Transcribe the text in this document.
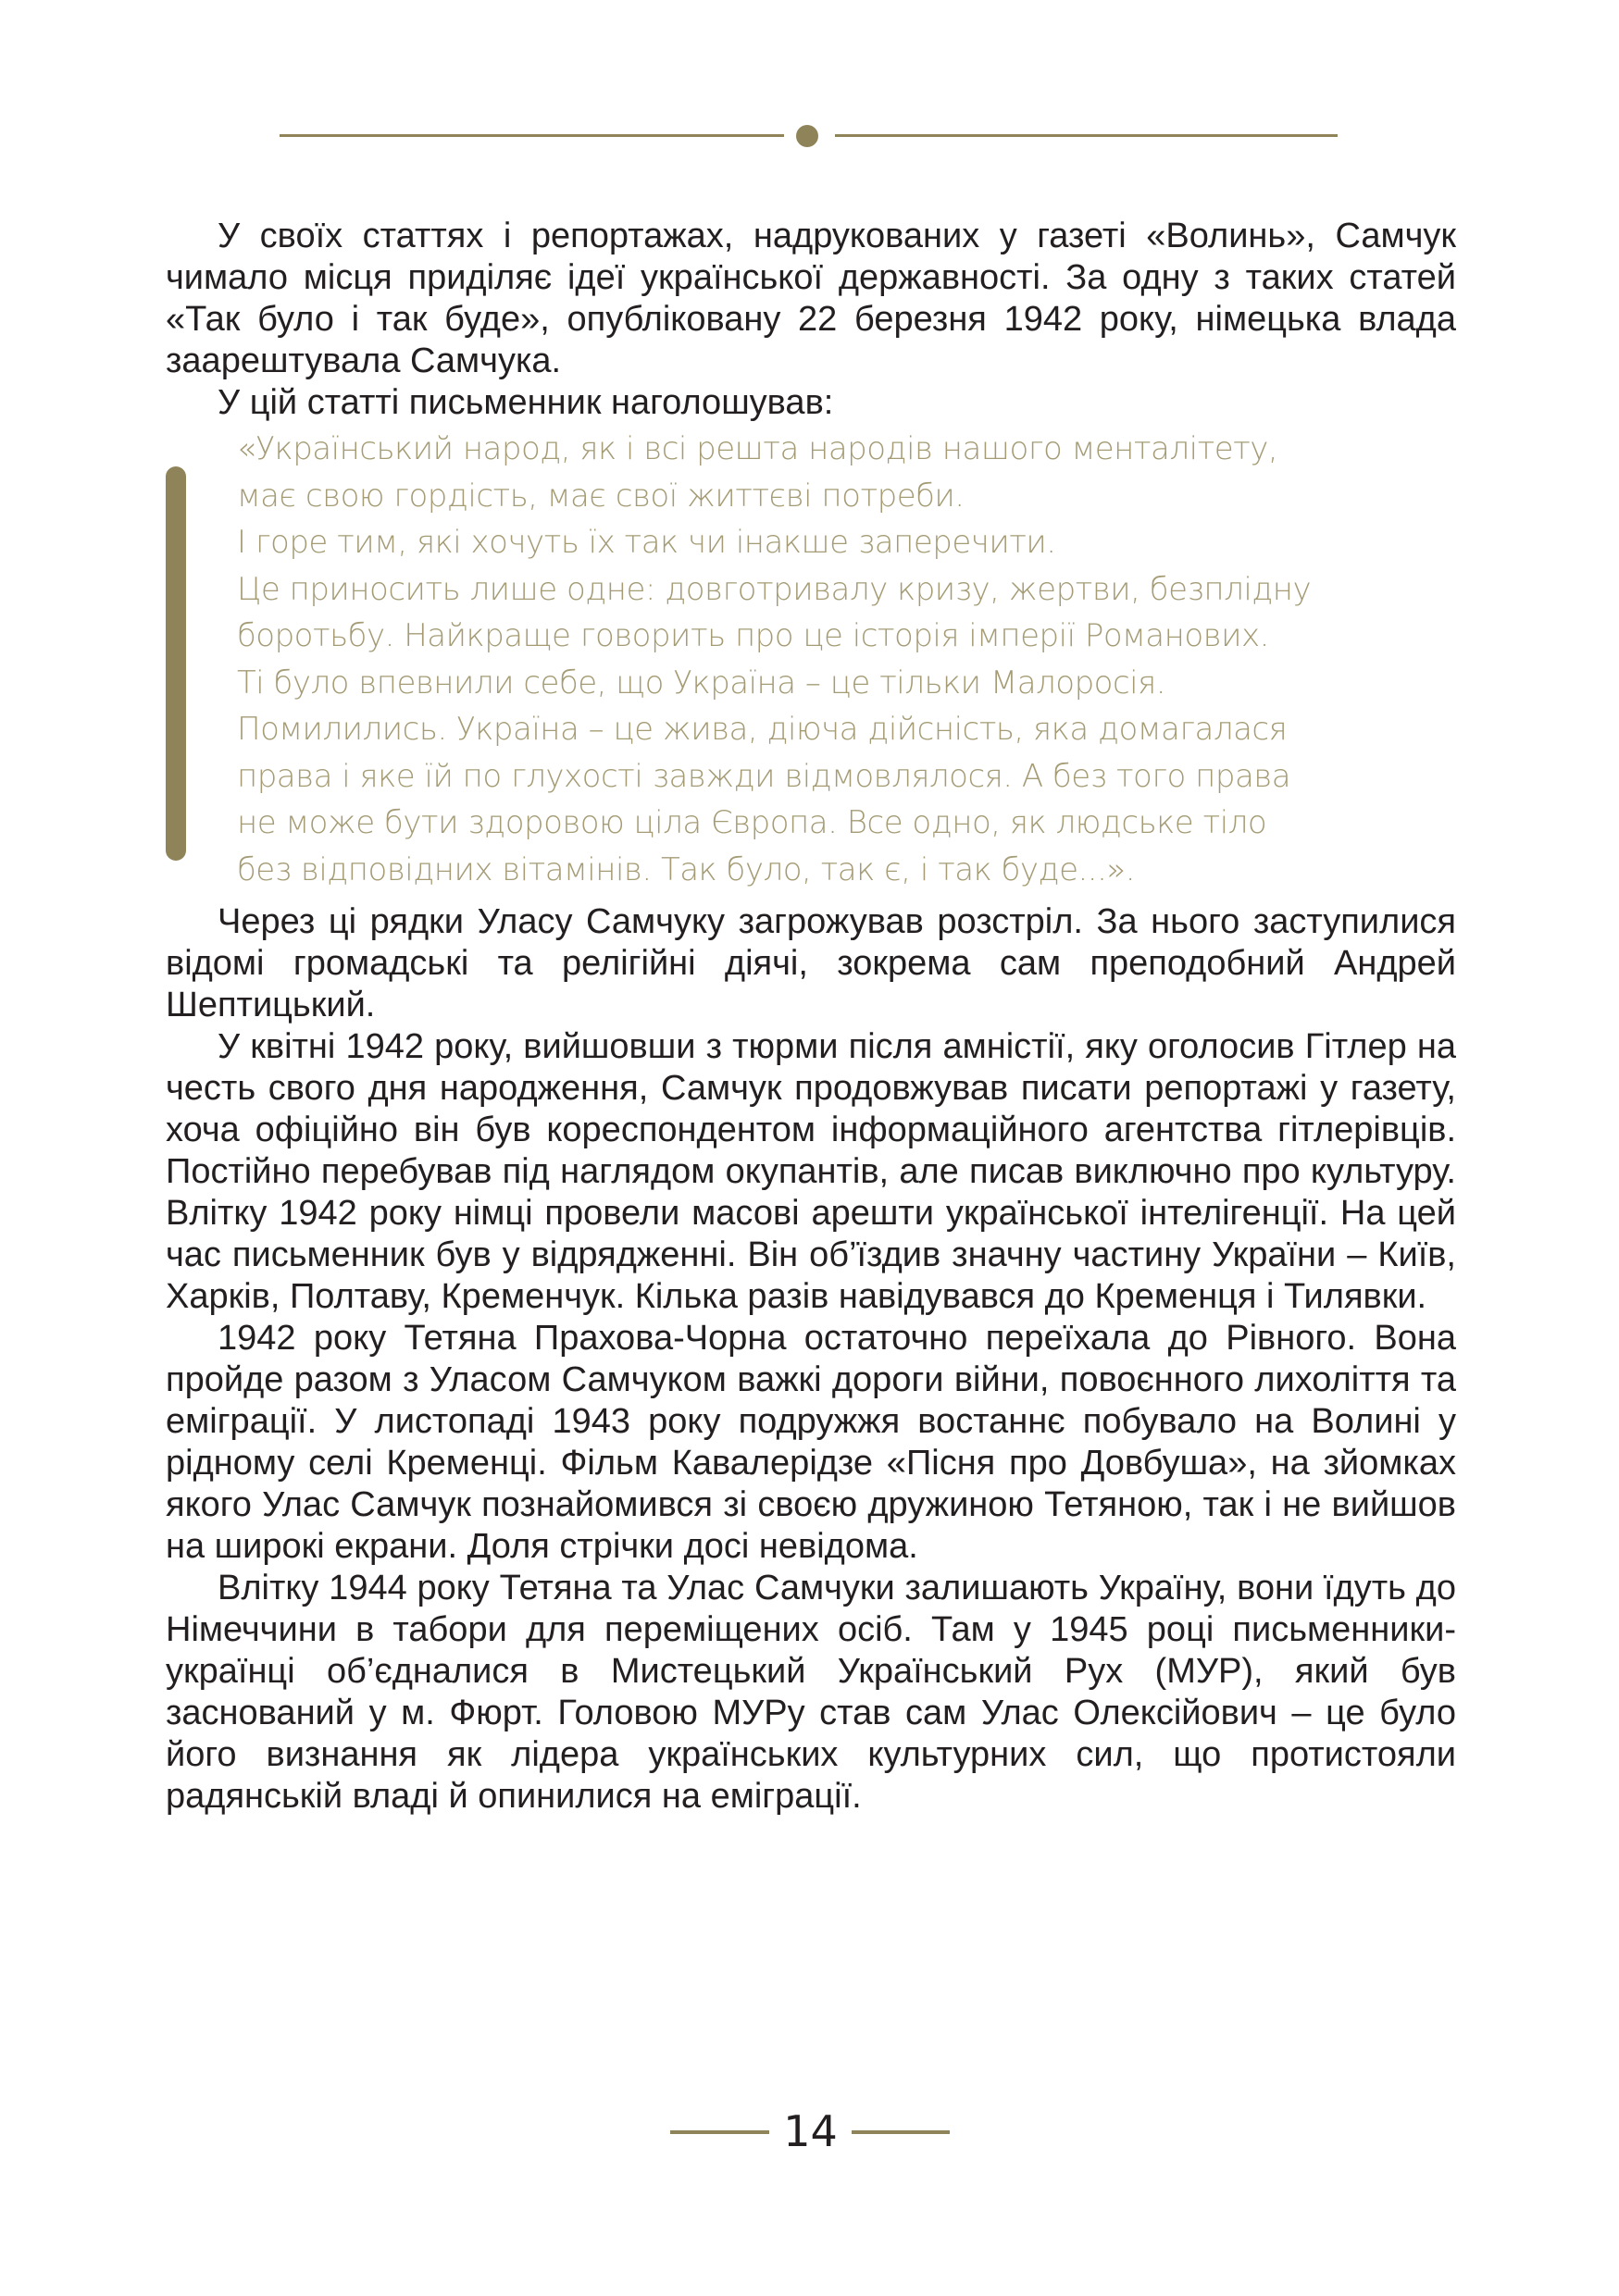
У своїх статтях і репортажах, надрукованих у газеті «Волинь», Самчук чимало місця приділяє ідеї української державності. За одну з таких статей «Так було і так буде», опубліковану 22 березня 1942 року, німецька влада заарештувала Самчука.

У цій статті письменник наголошував:

«Український народ, як і всі решта народів нашого менталітету,
має свою гордість, має свої життєві потреби.
І горе тим, які хочуть їх так чи інакше заперечити.
Це приносить лише одне: довготривалу кризу, жертви, безплідну
боротьбу. Найкраще говорить про це історія імперії Романових.
Ті було впевнили себе, що Україна – це тільки Малоросія.
Помилились. Україна – це жива, діюча дійсність, яка домагалася
права і яке їй по глухості завжди відмовлялося. А без того права
не може бути здоровою ціла Європа. Все одно, як людське тіло
без відповідних вітамінів. Так було, так є, і так буде...».

Через ці рядки Уласу Самчуку загрожував розстріл. За нього заступилися відомі громадські та релігійні діячі, зокрема сам преподобний Андрей Шептицький.

У квітні 1942 року, вийшовши з тюрми після амністії, яку оголосив Гітлер на честь свого дня народження, Самчук продовжував писати репортажі у газету, хоча офіційно він був кореспондентом інформаційного агентства гітлерівців. Постійно перебував під наглядом окупантів, але писав виключно про культуру. Влітку 1942 року німці провели масові арешти української інтелігенції. На цей час письменник був у відрядженні. Він об’їздив значну частину України – Київ, Харків, Полтаву, Кременчук. Кілька разів навідувався до Кременця і Тилявки.

1942 року Тетяна Прахова-Чорна остаточно переїхала до Рівного. Вона пройде разом з Уласом Самчуком важкі дороги війни, повоєнного лихоліття та еміграції. У листопаді 1943 року подружжя востаннє побувало на Волині у рідному селі Кременці. Фільм Кавалерідзе «Пісня про Довбуша», на зйомках якого Улас Самчук познайомився зі своєю дружиною Тетяною, так і не вийшов на широкі екрани. Доля стрічки досі невідома.

Влітку 1944 року Тетяна та Улас Самчуки залишають Україну, вони їдуть до Німеччини в табори для переміщених осіб. Там у 1945 році письменники-українці об’єдналися в Мистецький Український Рух (МУР), який був заснований у м. Фюрт. Головою МУРу став сам Улас Олексійович – це було його визнання як лідера українських культурних сил, що протистояли радянській владі й опинилися на еміграції.

14
